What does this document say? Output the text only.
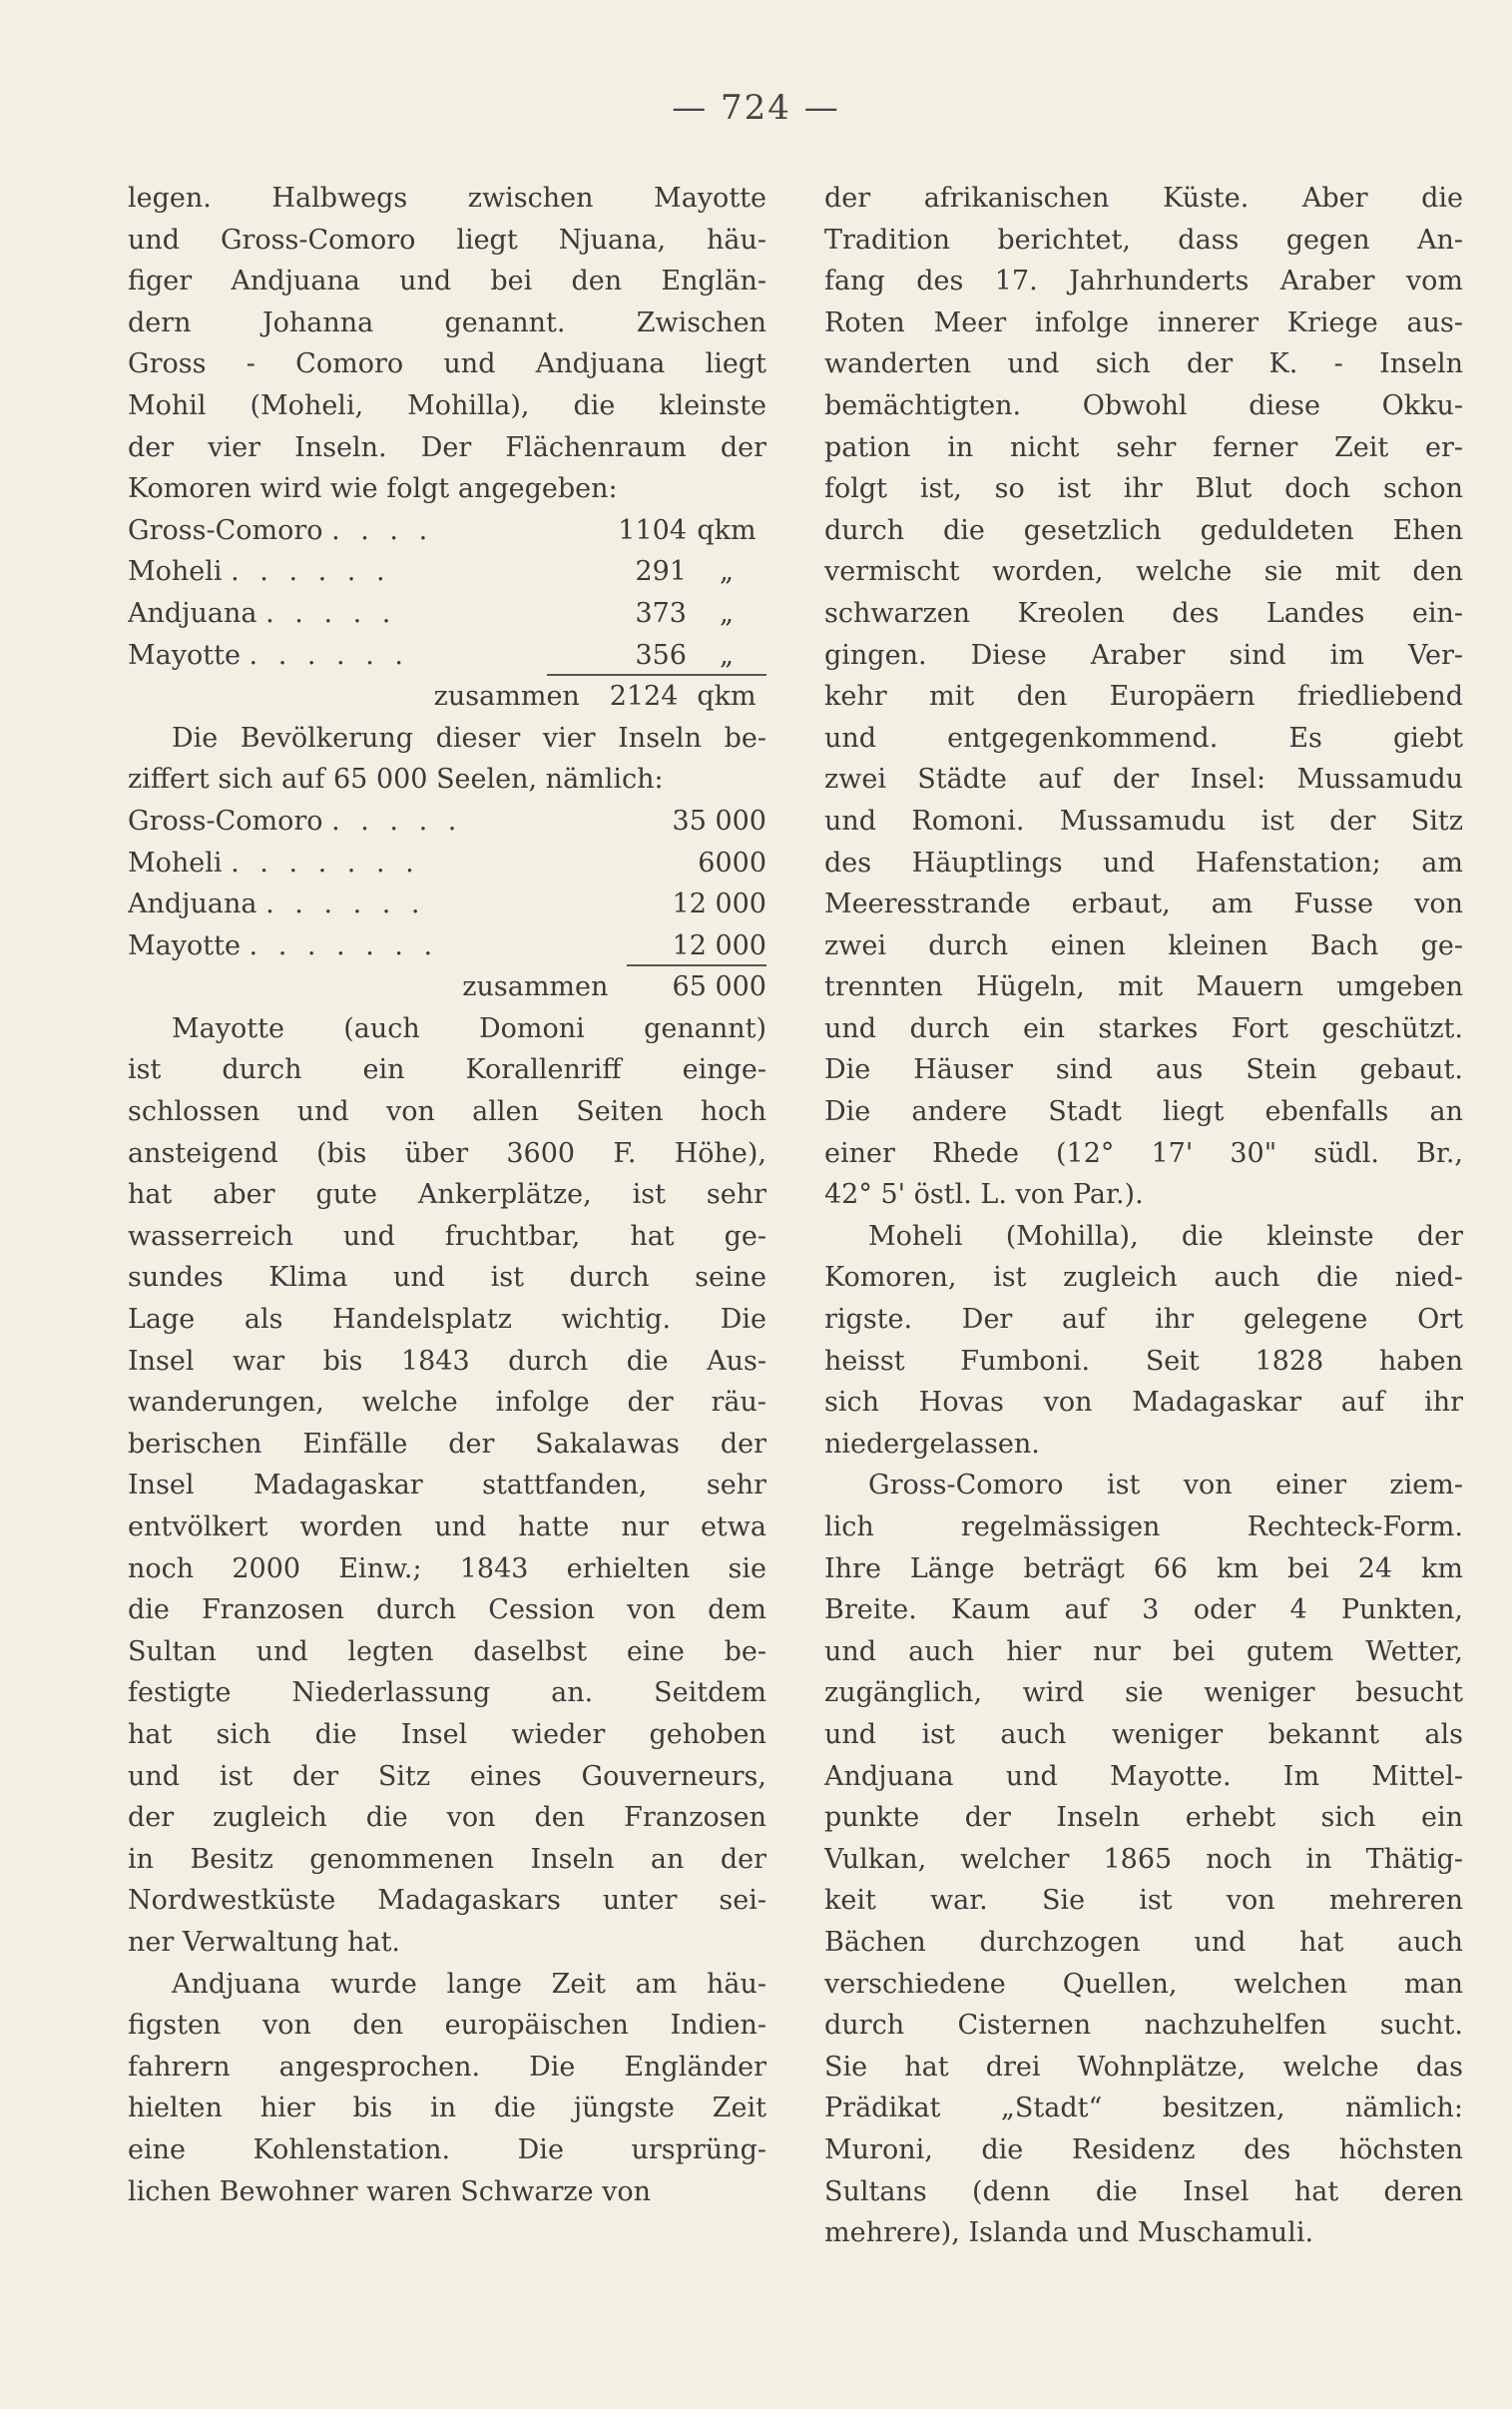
— 724 —
legen. Halbwegs zwischen Mayotte
und Gross-Comoro liegt Njuana, häu-
figer Andjuana und bei den Englän-
dern Johanna genannt. Zwischen
Gross - Comoro und Andjuana liegt
Mohil (Moheli, Mohilla), die kleinste
der vier Inseln. Der Flächenraum der
Komoren wird wie folgt angegeben:
Gross-Comoro . . . .	1104 qkm
Moheli . . . . . .	291	„
Andjuana . . . . .	373	„
Mayotte . . . . . .	356	„
zusammen 2124 qkm
Die Bevölkerung dieser vier Inseln be-
ziffert sich auf 65 000 Seelen, nämlich:
Gross-Comoro . . . . .	35 000
Moheli . . . . . . .	6000
Andjuana . . . . . .	12 000
Mayotte . . . . . . .	12 000
zusammen 65 000
Mayotte (auch Domoni genannt)
ist durch ein Korallenriff einge-
schlossen und von allen Seiten hoch
ansteigend (bis über 3600 F. Höhe),
hat aber gute Ankerplätze, ist sehr
wasserreich und fruchtbar, hat ge-
sundes Klima und ist durch seine
Lage als Handelsplatz wichtig. Die
Insel war bis 1843 durch die Aus-
wanderungen, welche infolge der räu-
berischen Einfälle der Sakalawas der
Insel Madagaskar stattfanden, sehr
entvölkert worden und hatte nur etwa
noch 2000 Einw.; 1843 erhielten sie
die Franzosen durch Cession von dem
Sultan und legten daselbst eine be-
festigte Niederlassung an. Seitdem
hat sich die Insel wieder gehoben
und ist der Sitz eines Gouverneurs,
der zugleich die von den Franzosen
in Besitz genommenen Inseln an der
Nordwestküste Madagaskars unter sei-
ner Verwaltung hat.
Andjuana wurde lange Zeit am häu-
figsten von den europäischen Indien-
fahrern angesprochen. Die Engländer
hielten hier bis in die jüngste Zeit
eine Kohlenstation. Die ursprüng-
lichen Bewohner waren Schwarze von
der afrikanischen Küste. Aber die
Tradition berichtet, dass gegen An-
fang des 17. Jahrhunderts Araber vom
Roten Meer infolge innerer Kriege aus-
wanderten und sich der K. - Inseln
bemächtigten. Obwohl diese Okku-
pation in nicht sehr ferner Zeit er-
folgt ist, so ist ihr Blut doch schon
durch die gesetzlich geduldeten Ehen
vermischt worden, welche sie mit den
schwarzen Kreolen des Landes ein-
gingen. Diese Araber sind im Ver-
kehr mit den Europäern friedliebend
und entgegenkommend. Es giebt
zwei Städte auf der Insel: Mussamudu
und Romoni. Mussamudu ist der Sitz
des Häuptlings und Hafenstation; am
Meeresstrande erbaut, am Fusse von
zwei durch einen kleinen Bach ge-
trennten Hügeln, mit Mauern umgeben
und durch ein starkes Fort geschützt.
Die Häuser sind aus Stein gebaut.
Die andere Stadt liegt ebenfalls an
einer Rhede (12° 17' 30" südl. Br.,
42° 5' östl. L. von Par.).
Moheli (Mohilla), die kleinste der
Komoren, ist zugleich auch die nied-
rigste. Der auf ihr gelegene Ort
heisst Fumboni. Seit 1828 haben
sich Hovas von Madagaskar auf ihr
niedergelassen.
Gross-Comoro ist von einer ziem-
lich regelmässigen Rechteck-Form.
Ihre Länge beträgt 66 km bei 24 km
Breite. Kaum auf 3 oder 4 Punkten,
und auch hier nur bei gutem Wetter,
zugänglich, wird sie weniger besucht
und ist auch weniger bekannt als
Andjuana und Mayotte. Im Mittel-
punkte der Inseln erhebt sich ein
Vulkan, welcher 1865 noch in Thätig-
keit war. Sie ist von mehreren
Bächen durchzogen und hat auch
verschiedene Quellen, welchen man
durch Cisternen nachzuhelfen sucht.
Sie hat drei Wohnplätze, welche das
Prädikat „Stadt“ besitzen, nämlich:
Muroni, die Residenz des höchsten
Sultans (denn die Insel hat deren
mehrere), Islanda und Muschamuli.
